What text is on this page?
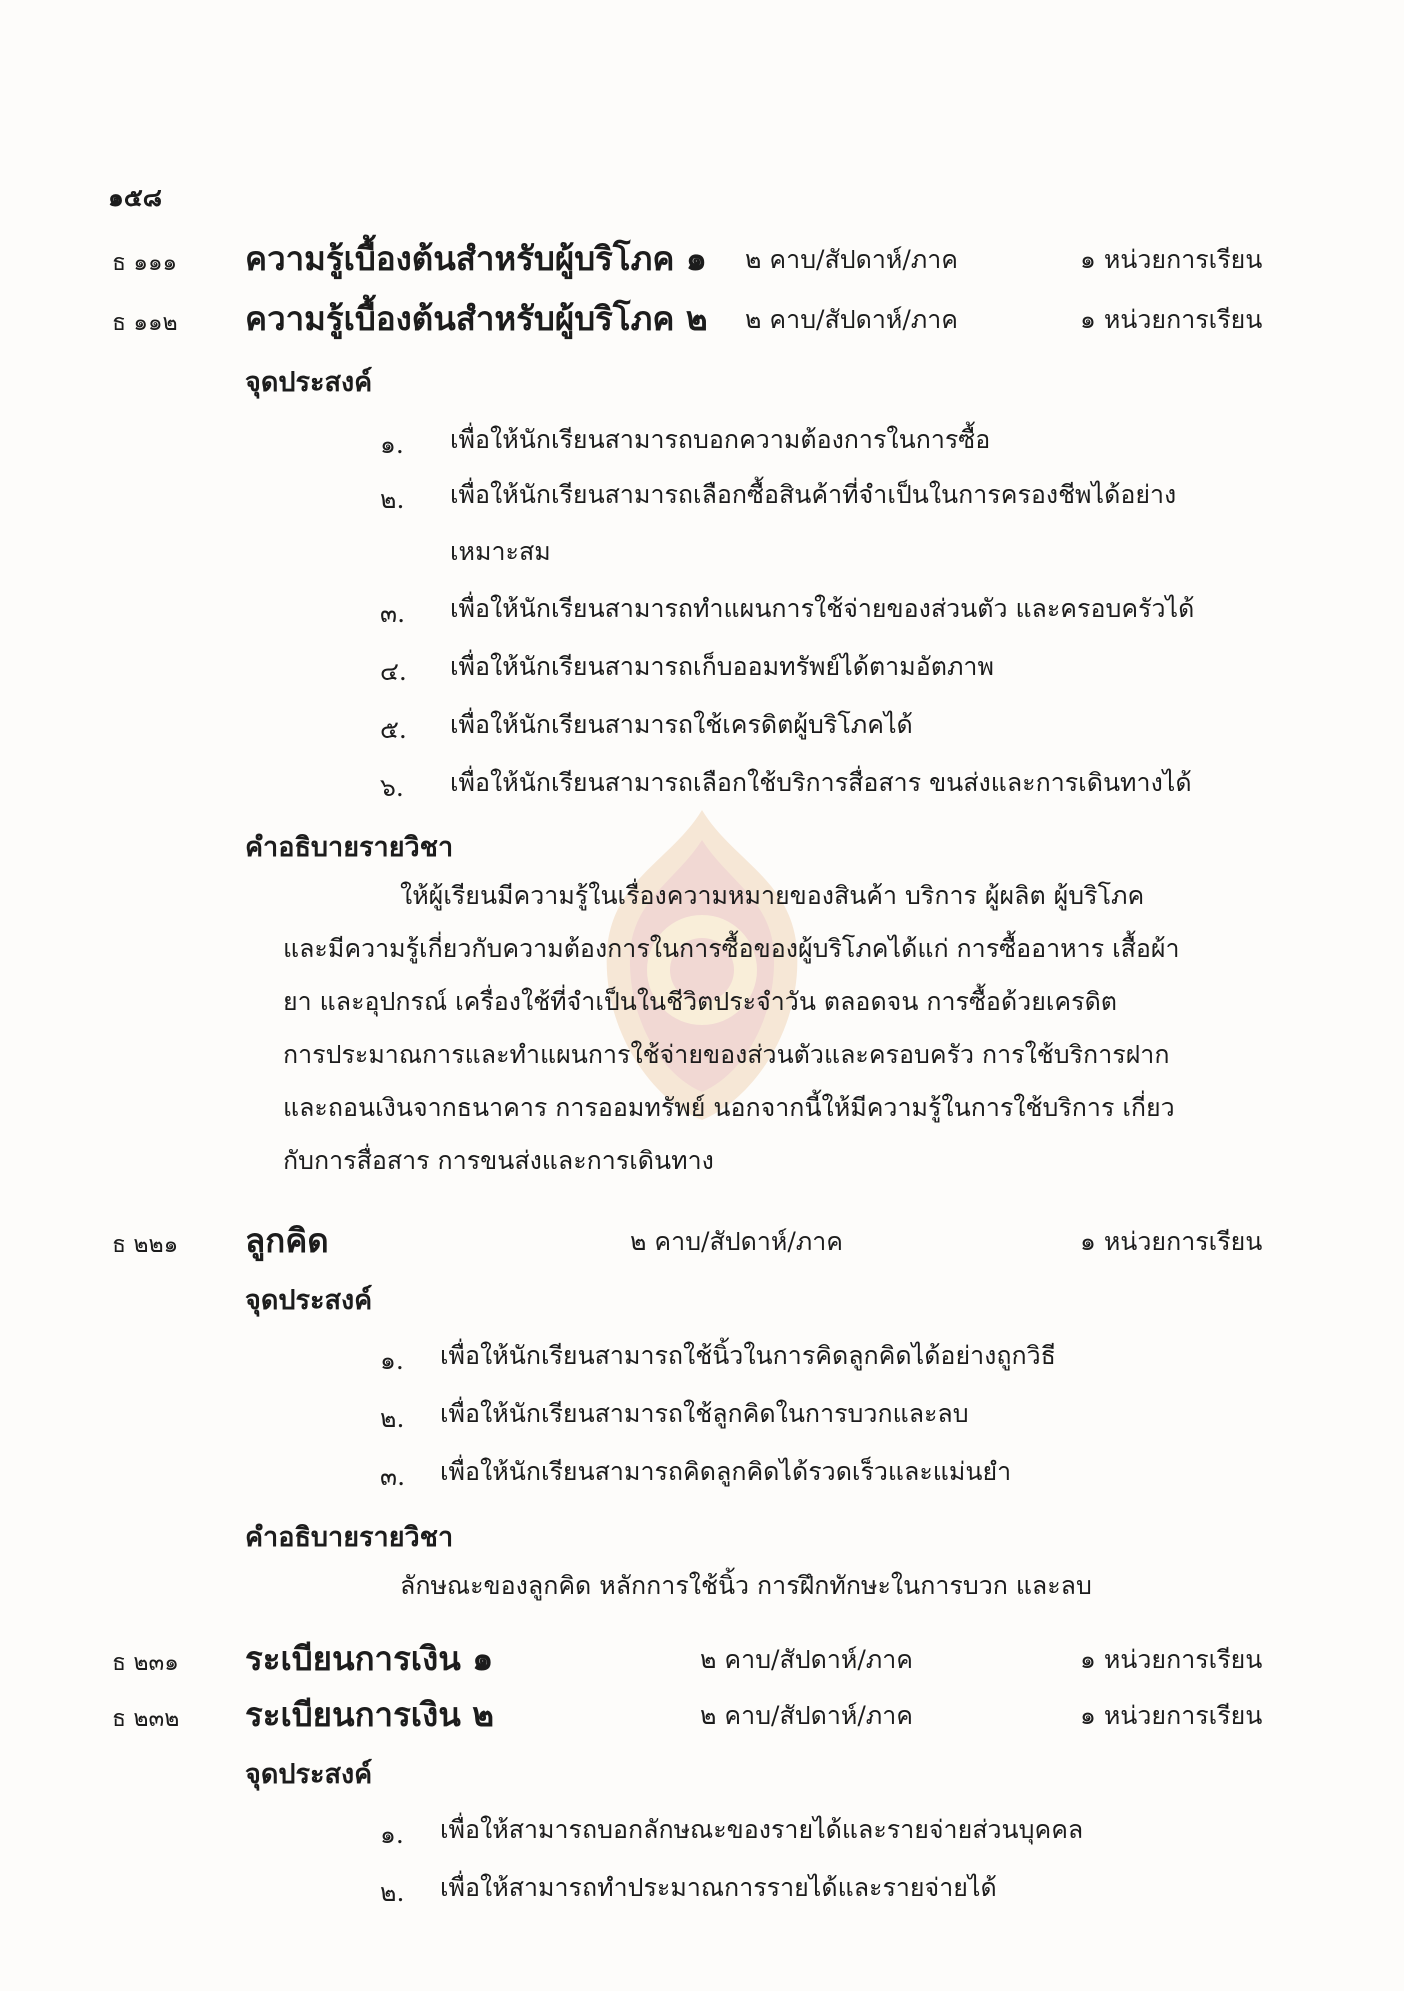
๑๕๘
ธ ๑๑๑ ความรู้เบื้องต้นสำหรับผู้บริโภค ๑ ๒ คาบ/สัปดาห์/ภาค	๑ หน่วยการเรียน
ธ ๑๑๒ ความรู้เบื้องต้นสำหรับผู้บริโภค ๒ ๒ คาบ/สัปดาห์/ภาค	๑ หน่วยการเรียน
จุดประสงค์
๑. เพื่อให้นักเรียนสามารถบอกความต้องการในการซื้อ
๒. เพื่อให้นักเรียนสามารถเลือกซื้อสินค้าที่จำเป็นในการครองชีพได้อย่าง
เหมาะสม
๓. เพื่อให้นักเรียนสามารถทำแผนการใช้จ่ายของส่วนตัว และครอบครัวได้
๔. เพื่อให้นักเรียนสามารถเก็บออมทรัพย์ได้ตามอัตภาพ
๕. เพื่อให้นักเรียนสามารถใช้เครดิตผู้บริโภคได้
๖. เพื่อให้นักเรียนสามารถเลือกใช้บริการสื่อสาร ขนส่งและการเดินทางได้
คำอธิบายรายวิชา
ให้ผู้เรียนมีความรู้ในเรื่องความหมายของสินค้า บริการ ผู้ผลิต ผู้บริโภค
และมีความรู้เกี่ยวกับความต้องการในการซื้อของผู้บริโภคได้แก่ การซื้ออาหาร เสื้อผ้า
ยา และอุปกรณ์ เครื่องใช้ที่จำเป็นในชีวิตประจำวัน ตลอดจน การซื้อด้วยเครดิต
การประมาณการและทำแผนการใช้จ่ายของส่วนตัวและครอบครัว การใช้บริการฝาก
และถอนเงินจากธนาคาร การออมทรัพย์ นอกจากนี้ให้มีความรู้ในการใช้บริการ เกี่ยว
กับการสื่อสาร การขนส่งและการเดินทาง
ธ ๒๒๑ ลูกคิด	๒ คาบ/สัปดาห์/ภาค	๑ หน่วยการเรียน
จุดประสงค์
๑. เพื่อให้นักเรียนสามารถใช้นิ้วในการคิดลูกคิดได้อย่างถูกวิธี
๒. เพื่อให้นักเรียนสามารถใช้ลูกคิดในการบวกและลบ
๓. เพื่อให้นักเรียนสามารถคิดลูกคิดได้รวดเร็วและแม่นยำ
คำอธิบายรายวิชา
ลักษณะของลูกคิด หลักการใช้นิ้ว การฝึกทักษะในการบวก และลบ
ธ ๒๓๑ ระเบียนการเงิน ๑	๒ คาบ/สัปดาห์/ภาค	๑ หน่วยการเรียน
ธ ๒๓๒ ระเบียนการเงิน ๒	๒ คาบ/สัปดาห์/ภาค	๑ หน่วยการเรียน
จุดประสงค์
๑. เพื่อให้สามารถบอกลักษณะของรายได้และรายจ่ายส่วนบุคคล
๒. เพื่อให้สามารถทำประมาณการรายได้และรายจ่ายได้
